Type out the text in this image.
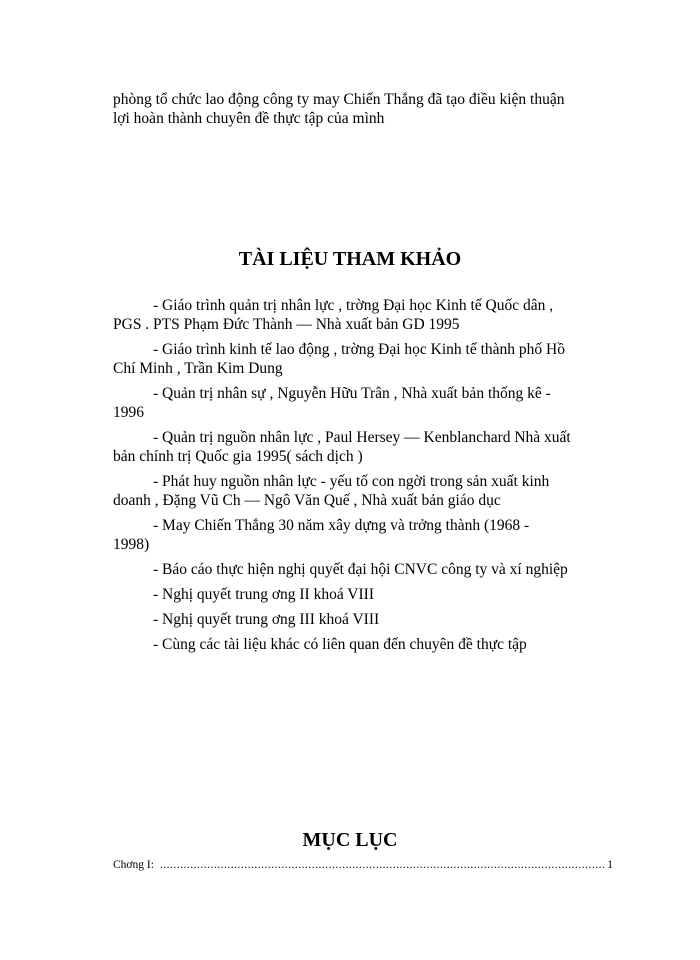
phòng tổ chức lao động công ty may Chiến Thắng đã tạo điều kiện thuận
lợi hoàn thành chuyên đề thực tập của mình

TÀI LIỆU THAM KHẢO
- Giáo trình quản trị nhân lực , trờng Đại học Kinh tế Quốc dân ,
PGS . PTS Phạm Đức Thành — Nhà xuất bản GD 1995
- Giáo trình kinh tế lao động , trờng Đại học Kinh tế thành phố Hồ
Chí Minh , Trần Kim Dung
- Quản trị nhân sự , Nguyễn Hữu Trân , Nhà xuất bản thống kê -
1996
- Quản trị nguồn nhân lực , Paul Hersey — Kenblanchard Nhà xuất
bản chính trị Quốc gia 1995( sách dịch )
- Phát huy nguồn nhân lực - yếu tố con ngời trong sản xuất kinh
doanh , Đặng Vũ Ch — Ngô Văn Quế , Nhà xuất bản giáo dục
- May Chiến Thắng 30 năm xây dựng và trởng thành (1968 -
1998)
- Báo cáo thực hiện nghị quyết đại hội CNVC công ty và xí nghiệp
- Nghị quyết trung ơng II khoá VIII
- Nghị quyết trung ơng III khoá VIII
- Cùng các tài liệu khác có liên quan đến chuyên đề thực tập
MỤC LỤC
Chơng I:
.....	1
